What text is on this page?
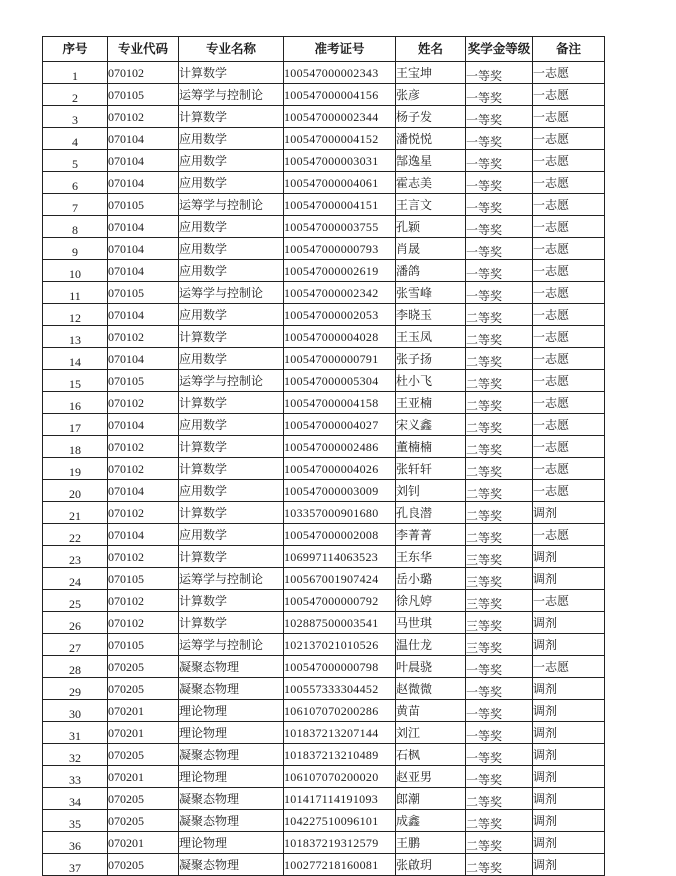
序号	专业代码	专业名称	准考证号	姓名	奖学金等级	备注
1	070102	计算数学	100547000002343	王宝坤	一等奖	一志愿
2	070105	运筹学与控制论	100547000004156	张彦	一等奖	一志愿
3	070102	计算数学	100547000002344	杨子发	一等奖	一志愿
4	070104	应用数学	100547000004152	潘悦悦	一等奖	一志愿
5	070104	应用数学	100547000003031	郜逸星	一等奖	一志愿
6	070104	应用数学	100547000004061	霍志美	一等奖	一志愿
7	070105	运筹学与控制论	100547000004151	王言文	一等奖	一志愿
8	070104	应用数学	100547000003755	孔颖	一等奖	一志愿
9	070104	应用数学	100547000000793	肖晟	一等奖	一志愿
10	070104	应用数学	100547000002619	潘鸽	一等奖	一志愿
11	070105	运筹学与控制论	100547000002342	张雪峰	一等奖	一志愿
12	070104	应用数学	100547000002053	李晓玉	二等奖	一志愿
13	070102	计算数学	100547000004028	王玉凤	二等奖	一志愿
14	070104	应用数学	100547000000791	张子扬	二等奖	一志愿
15	070105	运筹学与控制论	100547000005304	杜小飞	二等奖	一志愿
16	070102	计算数学	100547000004158	王亚楠	二等奖	一志愿
17	070104	应用数学	100547000004027	宋义鑫	二等奖	一志愿
18	070102	计算数学	100547000002486	董楠楠	二等奖	一志愿
19	070102	计算数学	100547000004026	张轩轩	二等奖	一志愿
20	070104	应用数学	100547000003009	刘钊	二等奖	一志愿
21	070102	计算数学	103357000901680	孔良潜	二等奖	调剂
22	070104	应用数学	100547000002008	李菁菁	二等奖	一志愿
23	070102	计算数学	106997114063523	王东华	三等奖	调剂
24	070105	运筹学与控制论	100567001907424	岳小璐	三等奖	调剂
25	070102	计算数学	100547000000792	徐凡婷	三等奖	一志愿
26	070102	计算数学	102887500003541	马世琪	三等奖	调剂
27	070105	运筹学与控制论	102137021010526	温仕龙	三等奖	调剂
28	070205	凝聚态物理	100547000000798	叶晨骁	一等奖	一志愿
29	070205	凝聚态物理	100557333304452	赵微微	一等奖	调剂
30	070201	理论物理	106107070200286	黄苗	一等奖	调剂
31	070201	理论物理	101837213207144	刘江	一等奖	调剂
32	070205	凝聚态物理	101837213210489	石枫	一等奖	调剂
33	070201	理论物理	106107070200020	赵亚男	一等奖	调剂
34	070205	凝聚态物理	101417114191093	郎潮	二等奖	调剂
35	070205	凝聚态物理	104227510096101	成鑫	二等奖	调剂
36	070201	理论物理	101837219312579	王鹏	二等奖	调剂
37	070205	凝聚态物理	100277218160081	张啟玥	二等奖	调剂
